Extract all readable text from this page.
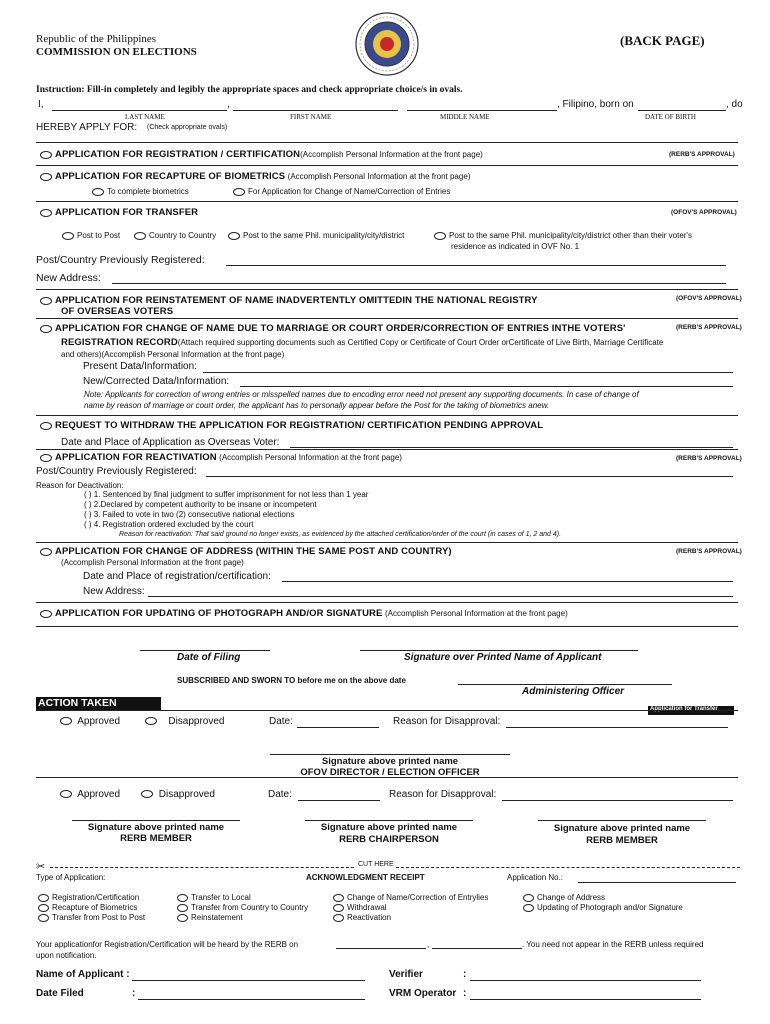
Republic of the Philippines
COMMISSION ON ELECTIONS
(BACK PAGE)
Instruction: Fill-in completely and legibly the appropriate spaces and check appropriate choice/s in ovals.
I,	,	, Filipino, born on	, do
LAST NAME	FIRST NAME	MIDDLE NAME	DATE OF BIRTH
HEREBY APPLY FOR: (Check appropriate ovals)
APPLICATION FOR REGISTRATION / CERTIFICATION(Accomplish Personal Information at the front page)	(RERB'S APPROVAL)
APPLICATION FOR RECAPTURE OF BIOMETRICS (Accomplish Personal Information at the front page)
To complete biometrics	For Application for Change of Name/Correction of Entries
APPLICATION FOR TRANSFER	(OFOV'S APPROVAL)
Post to Post	Country to Country	Post to the same Phil. municipality/city/district	Post to the same Phil. municipality/city/district other than their voter's
residence as indicated in OVF No. 1
Post/Country Previously Registered:
New Address:
APPLICATION FOR REINSTATEMENT OF NAME INADVERTENTLY OMITTEDIN THE NATIONAL REGISTRY
OF OVERSEAS VOTERS
(OFOV'S APPROVAL)
APPLICATION FOR CHANGE OF NAME DUE TO MARRIAGE OR COURT ORDER/CORRECTION OF ENTRIES INTHE VOTERS'	(RERB'S APPROVAL)
REGISTRATION RECORD(Attach required supporting documents such as Certified Copy or Certificate of Court Order orCertificate of Live Birth, Marriage Certificate
and others)(Accomplish Personal Information at the front page)
Present Data/Information:
New/Corrected Data/Information:
Note: Applicants for correction of wrong entries or misspelled names due to encoding error need not present any supporting documents. In case of change of
name by reason of marriage or court order, the applicant has to personally appear before the Post for the taking of biometrics anew.
REQUEST TO WITHDRAW THE APPLICATION FOR REGISTRATION/ CERTIFICATION PENDING APPROVAL
Date and Place of Application as Overseas Voter:
APPLICATION FOR REACTIVATION (Accomplish Personal Information at the front page)	(RERB'S APPROVAL)
Post/Country Previously Registered:
Reason for Deactivation:
( ) 1. Sentenced by final judgment to suffer imprisonment for not less than 1 year
( ) 2.Declared by competent authority to be insane or incompetent
( ) 3. Failed to vote in two (2) consecutive national elections
( ) 4. Registration ordered excluded by the court
Reason for reactivation: That said ground no longer exists, as evidenced by the attached certification/order of the court (in cases of 1, 2 and 4).
APPLICATION FOR CHANGE OF ADDRESS (WITHIN THE SAME POST AND COUNTRY)	(RERB'S APPROVAL)
(Accomplish Personal Information at the front page)
Date and Place of registration/certification:
New Address:
APPLICATION FOR UPDATING OF PHOTOGRAPH AND/OR SIGNATURE (Accomplish Personal Information at the front page)
Date of Filing	Signature over Printed Name of Applicant
SUBSCRIBED AND SWORN TO before me on the above date
Administering Officer
ACTION TAKEN	Application for Transfer
Approved	Disapproved	Date:	Reason for Disapproval:
Signature above printed name
OFOV DIRECTOR / ELECTION OFFICER
Approved	Disapproved	Date:	Reason for Disapproval:
Signature above printed name
RERB MEMBER
Signature above printed name
RERB CHAIRPERSON
Signature above printed name
RERB MEMBER
✂	CUT HERE
Type of Application:	ACKNOWLEDGMENT RECEIPT	Application No.:
Registration/Certification
Recapture of Biometrics
Transfer from Post to Post
Transfer to Local
Transfer from Country to Country
Reinstatement
Change of Name/Correction of Entrylies
Withdrawal
Reactivation
Change of Address
Updating of Photograph and/or Signature
Your applicationfor Registration/Certification will be heard by the RERB on	,	. You need not appear in the RERB unless required
upon notification.
Name of Applicant :	Verifier	:
Date Filed	:	VRM Operator :
